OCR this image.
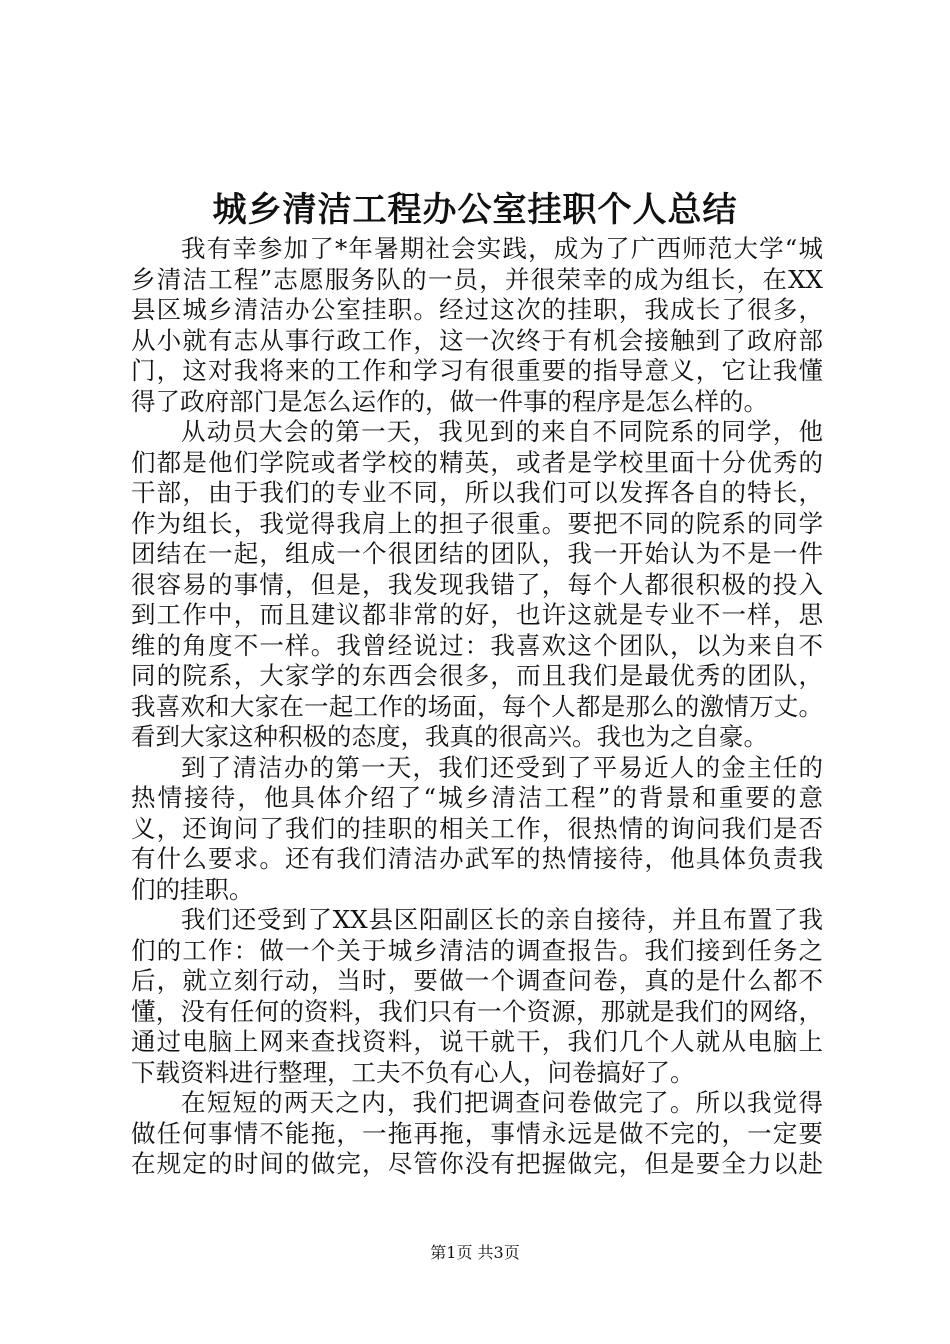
城乡清洁工程办公室挂职个人总结
我有幸参加了*年暑期社会实践，成为了广西师范大学“城
乡清洁工程”志愿服务队的一员，并很荣幸的成为组长，在XX
县区城乡清洁办公室挂职。经过这次的挂职，我成长了很多，
从小就有志从事行政工作，这一次终于有机会接触到了政府部
门，这对我将来的工作和学习有很重要的指导意义，它让我懂
得了政府部门是怎么运作的，做一件事的程序是怎么样的。
从动员大会的第一天，我见到的来自不同院系的同学，他
们都是他们学院或者学校的精英，或者是学校里面十分优秀的
干部，由于我们的专业不同，所以我们可以发挥各自的特长，
作为组长，我觉得我肩上的担子很重。要把不同的院系的同学
团结在一起，组成一个很团结的团队，我一开始认为不是一件
很容易的事情，但是，我发现我错了，每个人都很积极的投入
到工作中，而且建议都非常的好，也许这就是专业不一样，思
维的角度不一样。我曾经说过：我喜欢这个团队，以为来自不
同的院系，大家学的东西会很多，而且我们是最优秀的团队，
我喜欢和大家在一起工作的场面，每个人都是那么的激情万丈。
看到大家这种积极的态度，我真的很高兴。我也为之自豪。
到了清洁办的第一天，我们还受到了平易近人的金主任的
热情接待，他具体介绍了“城乡清洁工程”的背景和重要的意
义，还询问了我们的挂职的相关工作，很热情的询问我们是否
有什么要求。还有我们清洁办武军的热情接待，他具体负责我
们的挂职。
我们还受到了XX县区阳副区长的亲自接待，并且布置了我
们的工作：做一个关于城乡清洁的调查报告。我们接到任务之
后，就立刻行动，当时，要做一个调查问卷，真的是什么都不
懂，没有任何的资料，我们只有一个资源，那就是我们的网络，
通过电脑上网来查找资料，说干就干，我们几个人就从电脑上
下载资料进行整理，工夫不负有心人，问卷搞好了。
在短短的两天之内，我们把调查问卷做完了。所以我觉得
做任何事情不能拖，一拖再拖，事情永远是做不完的，一定要
在规定的时间的做完，尽管你没有把握做完，但是要全力以赴
第1页 共3页
